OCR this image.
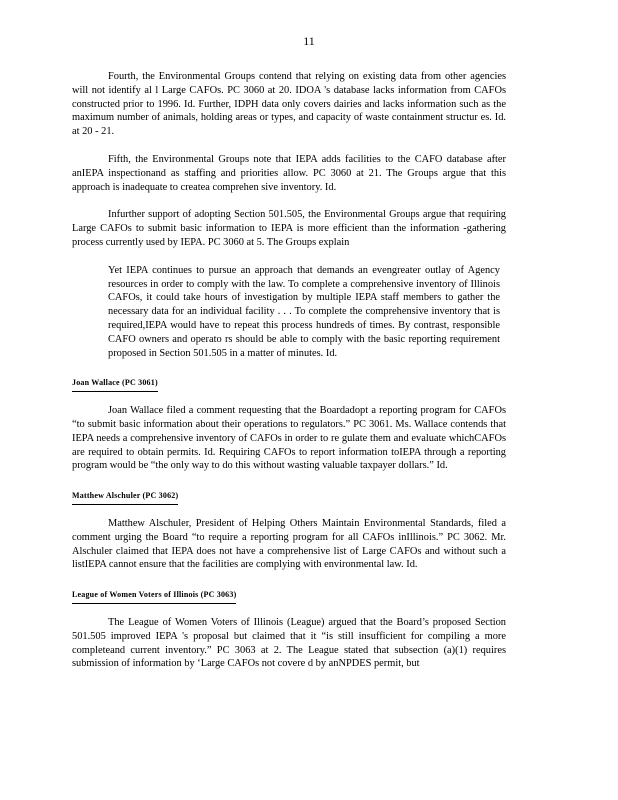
11

Fourth, the Environmental Groups contend that relying on existing data from other agencies will not identify al l Large CAFOs. PC 3060 at 20. IDOA 's database lacks information from CAFOs constructed prior to 1996. Id. Further, IDPH data only covers dairies and lacks information such as the maximum number of animals, holding areas or types, and capacity of waste containment structur es. Id. at 20 - 21.

Fifth, the Environmental Groups note that IEPA adds facilities to the CAFO database after anIEPA inspectionand as staffing and priorities allow. PC 3060 at 21. The Groups argue that this approach is inadequate to createa comprehen sive inventory. Id.

Infurther support of adopting Section 501.505, the Environmental Groups argue that requiring Large CAFOs to submit basic information to IEPA is more efficient than the information -gathering process currently used by IEPA. PC 3060 at 5. The Groups explain

Yet IEPA continues to pursue an approach that demands an evengreater outlay of Agency resources in order to comply with the law. To complete a comprehensive inventory of Illinois CAFOs, it could take hours of investigation by multiple IEPA staff members to gather the necessary data for an individual facility . . . To complete the comprehensive inventory that is required,IEPA would have to repeat this process hundreds of times. By contrast, responsible CAFO owners and operato rs should be able to comply with the basic reporting requirement proposed in Section 501.505 in a matter of minutes. Id.

Joan Wallace (PC 3061)

Joan Wallace filed a comment requesting that the Boardadopt a reporting program for CAFOs “to submit basic information about their operations to regulators.” PC 3061. Ms. Wallace contends that IEPA needs a comprehensive inventory of CAFOs in order to re gulate them and evaluate whichCAFOs are required to obtain permits. Id. Requiring CAFOs to report information toIEPA through a reporting program would be “the only way to do this without wasting valuable taxpayer dollars.” Id.

Matthew Alschuler (PC 3062)

Matthew Alschuler, President of Helping Others Maintain Environmental Standards, filed a comment urging the Board “to require a reporting program for all CAFOs inIllinois.” PC 3062. Mr. Alschuler claimed that IEPA does not have a comprehensive list of Large CAFOs and without such a listIEPA cannot ensure that the facilities are complying with environmental law. Id.

League of Women Voters of Illinois (PC 3063)

The League of Women Voters of Illinois (League) argued that the Board’s proposed Section 501.505 improved IEPA 's proposal but claimed that it “is still insufficient for compiling a more completeand current inventory.” PC 3063 at 2. The League stated that subsection (a)(1) requires submission of information by ‘Large CAFOs not covere d by anNPDES permit, but
